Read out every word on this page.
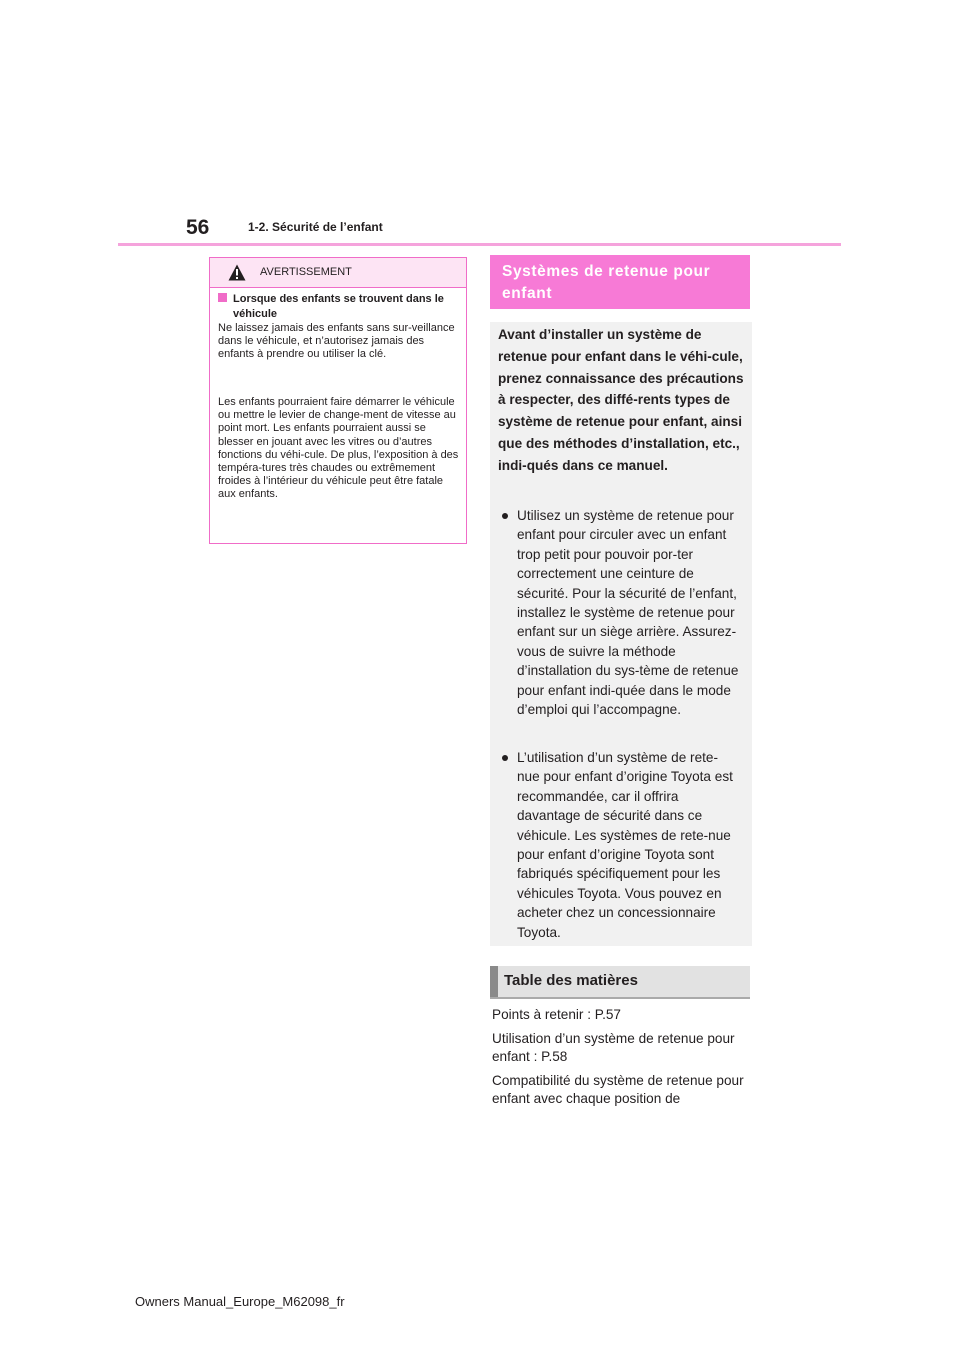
56	1-2. Sécurité de l’enfant
AVERTISSEMENT
Lorsque des enfants se trouvent dans le véhicule
Ne laissez jamais des enfants sans sur-veillance dans le véhicule, et n’autorisez jamais des enfants à prendre ou utiliser la clé.
Les enfants pourraient faire démarrer le véhicule ou mettre le levier de change-ment de vitesse au point mort. Les enfants pourraient aussi se blesser en jouant avec les vitres ou d’autres fonctions du véhi-cule. De plus, l’exposition à des tempéra-tures très chaudes ou extrêmement froides à l’intérieur du véhicule peut être fatale aux enfants.
Systèmes de retenue pour enfant
Avant d’installer un système de retenue pour enfant dans le véhi-cule, prenez connaissance des précautions à respecter, des diffé-rents types de système de retenue pour enfant, ainsi que des méthodes d’installation, etc., indi-qués dans ce manuel.
Utilisez un système de retenue pour enfant pour circuler avec un enfant trop petit pour pouvoir por-ter correctement une ceinture de sécurité. Pour la sécurité de l’enfant, installez le système de retenue pour enfant sur un siège arrière. Assurez-vous de suivre la méthode d’installation du sys-tème de retenue pour enfant indi-quée dans le mode d’emploi qui l’accompagne.
L’utilisation d’un système de rete-nue pour enfant d’origine Toyota est recommandée, car il offrira davantage de sécurité dans ce véhicule. Les systèmes de rete-nue pour enfant d’origine Toyota sont fabriqués spécifiquement pour les véhicules Toyota. Vous pouvez en acheter chez un concessionnaire Toyota.
Table des matières
Points à retenir : P.57
Utilisation d’un système de retenue pour enfant : P.58
Compatibilité du système de retenue pour enfant avec chaque position de
Owners Manual_Europe_M62098_fr
